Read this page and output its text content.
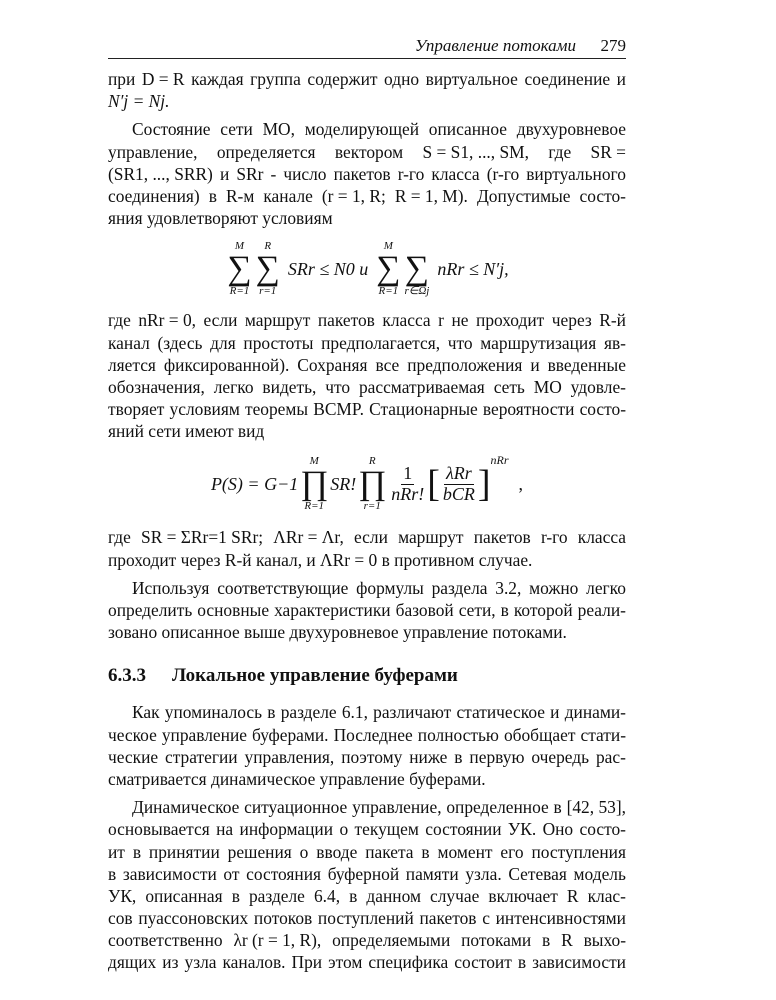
Управление потоками 279
при D = R каждая группа содержит одно виртуальное соединение и
N′j = Nj.
Состояние сети МО, моделирующей описанное двухуровневое
управление, определяется вектором S = S1, ..., SM, где SR =
(SR1, ..., SRR) и SRr - число пакетов r-го класса (r-го виртуального
соединения) в R-м канале (r = 1, R; R = 1, M). Допустимые состо-
яния удовлетворяют условиям
M
∑
R=1
R
∑
r=1
SRr ≤ N0 и
M
∑
R=1

∑
r∈Ωj
nRr ≤ N′j,
где nRr = 0, если маршрут пакетов класса r не проходит через R-й
канал (здесь для простоты предполагается, что маршрутизация яв-
ляется фиксированной). Сохраняя все предположения и введенные
обозначения, легко видеть, что рассматриваемая сеть МО удовле-
творяет условиям теоремы BCMP. Стационарные вероятности состо-
яний сети имеют вид
P(S) = G−1
M
∏
R=1
SR!
R
∏
r=1
$\frac{1}{\text{nRr!}}$ [ $\frac{\text{λRr}}{\text{bCR}}$ ]
nRr
,
где SR = ΣRr=1 SRr; ΛRr = Λr, если маршрут пакетов r-го класса
проходит через R-й канал, и ΛRr = 0 в противном случае.
Используя соответствующие формулы раздела 3.2, можно легко
определить основные характеристики базовой сети, в которой реали-
зовано описанное выше двухуровневое управление потоками.
6.3.3 Локальное управление буферами
Как упоминалось в разделе 6.1, различают статическое и динами-
ческое управление буферами. Последнее полностью обобщает стати-
ческие стратегии управления, поэтому ниже в первую очередь рас-
сматривается динамическое управление буферами.
Динамическое ситуационное управление, определенное в [42, 53],
основывается на информации о текущем состоянии УК. Оно состо-
ит в принятии решения о вводе пакета в момент его поступления
в зависимости от состояния буферной памяти узла. Сетевая модель
УК, описанная в разделе 6.4, в данном случае включает R клас-
сов пуассоновских потоков поступлений пакетов с интенсивностями
соответственно λr (r = 1, R), определяемыми потоками в R выхо-
дящих из узла каналов. При этом специфика состоит в зависимости
